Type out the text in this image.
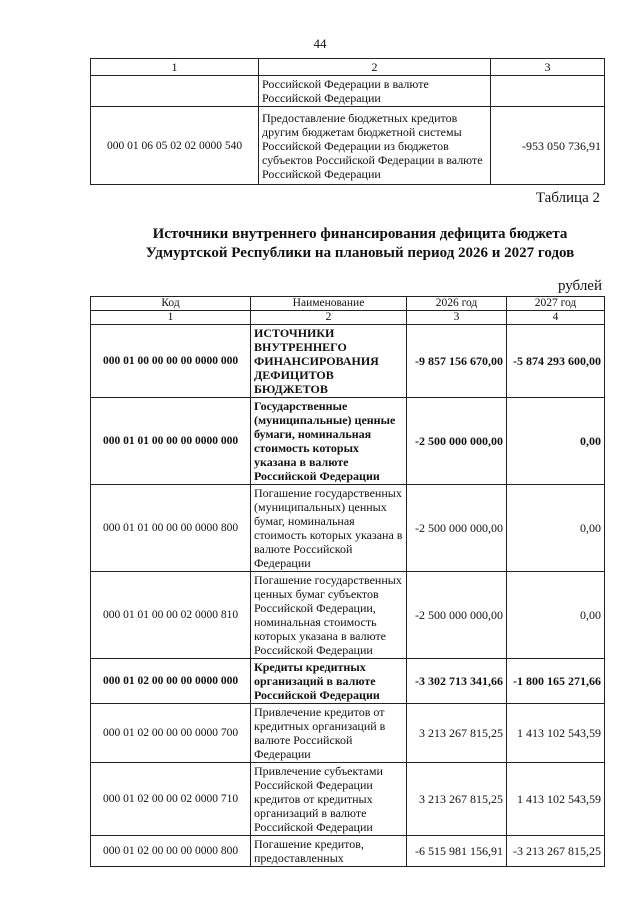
44
1	2	3
	Российской Федерации в валюте Российской Федерации	
000 01 06 05 02 02 0000 540	Предоставление бюджетных кредитов другим бюджетам бюджетной системы Российской Федерации из бюджетов субъектов Российской Федерации в валюте Российской Федерации	-953 050 736,91
Таблица 2
Источники внутреннего финансирования дефицита бюджета
Удмуртской Республики на плановый период 2026 и 2027 годов
рублей
Код	Наименование	2026 год	2027 год
1	2	3	4
000 01 00 00 00 00 0000 000	ИСТОЧНИКИ ВНУТРЕННЕГО ФИНАНСИРОВАНИЯ ДЕФИЦИТОВ БЮДЖЕТОВ	-9 857 156 670,00	-5 874 293 600,00
000 01 01 00 00 00 0000 000	Государственные (муниципальные) ценные бумаги, номинальная стоимость которых указана в валюте Российской Федерации	-2 500 000 000,00	0,00
000 01 01 00 00 00 0000 800	Погашение государственных (муниципальных) ценных бумаг, номинальная стоимость которых указана в валюте Российской Федерации	-2 500 000 000,00	0,00
000 01 01 00 00 02 0000 810	Погашение государственных ценных бумаг субъектов Российской Федерации, номинальная стоимость которых указана в валюте Российской Федерации	-2 500 000 000,00	0,00
000 01 02 00 00 00 0000 000	Кредиты кредитных организаций в валюте Российской Федерации	-3 302 713 341,66	-1 800 165 271,66
000 01 02 00 00 00 0000 700	Привлечение кредитов от кредитных организаций в валюте Российской Федерации	3 213 267 815,25	1 413 102 543,59
000 01 02 00 00 02 0000 710	Привлечение субъектами Российской Федерации кредитов от кредитных организаций в валюте Российской Федерации	3 213 267 815,25	1 413 102 543,59
000 01 02 00 00 00 0000 800	Погашение кредитов, предоставленных	-6 515 981 156,91	-3 213 267 815,25
